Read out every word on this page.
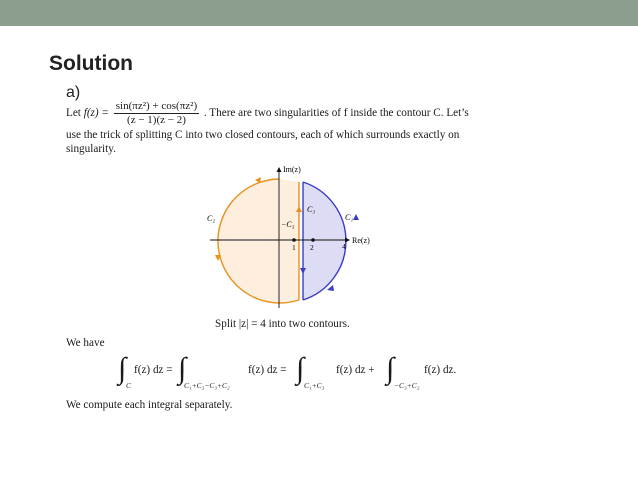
Solution
a)
Let $f(z) = \frac{\text{sin(πz²) + cos(πz²)}}{(z - 1)(z - 2)}$ . There are two singularities of f inside the contour C. Let’s
use the trick of splitting C into two closed contours, each of which surrounds exactly on
singularity.
Im(z)
Re(z)
C₂	C₁
C₃
−C₃
1 2	4
Split |z| = 4 into two contours.
We have
∫
C
f(z) dz = ∫
C₁+C₃−C₃+C₂
f(z) dz = ∫
C₁+C₃
f(z) dz + ∫
−C₃+C₂
f(z) dz.
We compute each integral separately.
